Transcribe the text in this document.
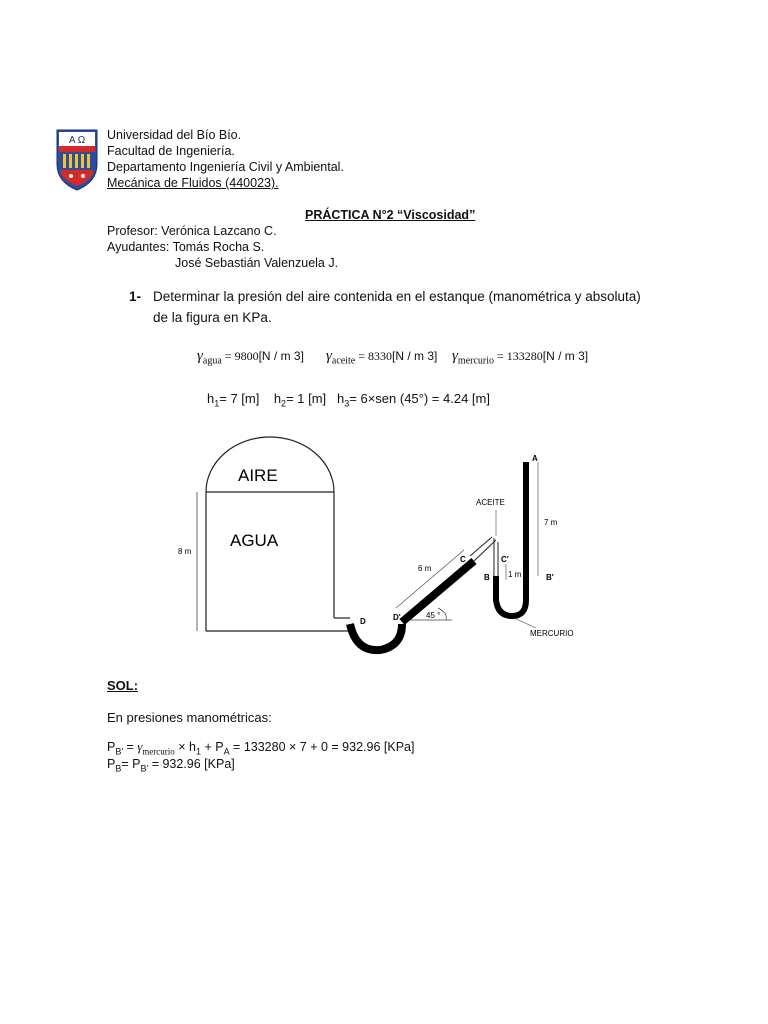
A Ω Universidad del Bío Bío.
Facultad de Ingeniería.
Departamento Ingeniería Civil y Ambiental.
Mecánica de Fluidos (440023).
PRÁCTICA N°2 “Viscosidad”
Profesor: Verónica Lazcano C.
Ayudantes: Tomás Rocha S.
José Sebastián Valenzuela J.
1- Determinar la presión del aire contenida en el estanque (manométrica y absoluta)
de la figura en KPa.
$\gamma_{agua} = 9800[N / m$ 3] $\gamma_{aceite} = 8330[N / m$ 3] $\gamma_{mercurio} = 133280[N / m$ 3]
$h_1= 7$ [m] $h_2= 1$ [m] $h_3= 6\times sen$ (45°) = 4.24 [m]
AIRE
AGUA
8 m
D	D'
6 m
C
45 °
ACEITE
B
A
7 m
B'
1 m
C'
MERCURIO
SOL:
En presiones manométricas:
$P_{B'} = \gamma_{mercurio} \times h_1 + P_A = 133280 \times 7 + 0 = 932.96$ [KPa]
$P_B= P_{B'} = 932.96$ [KPa]
